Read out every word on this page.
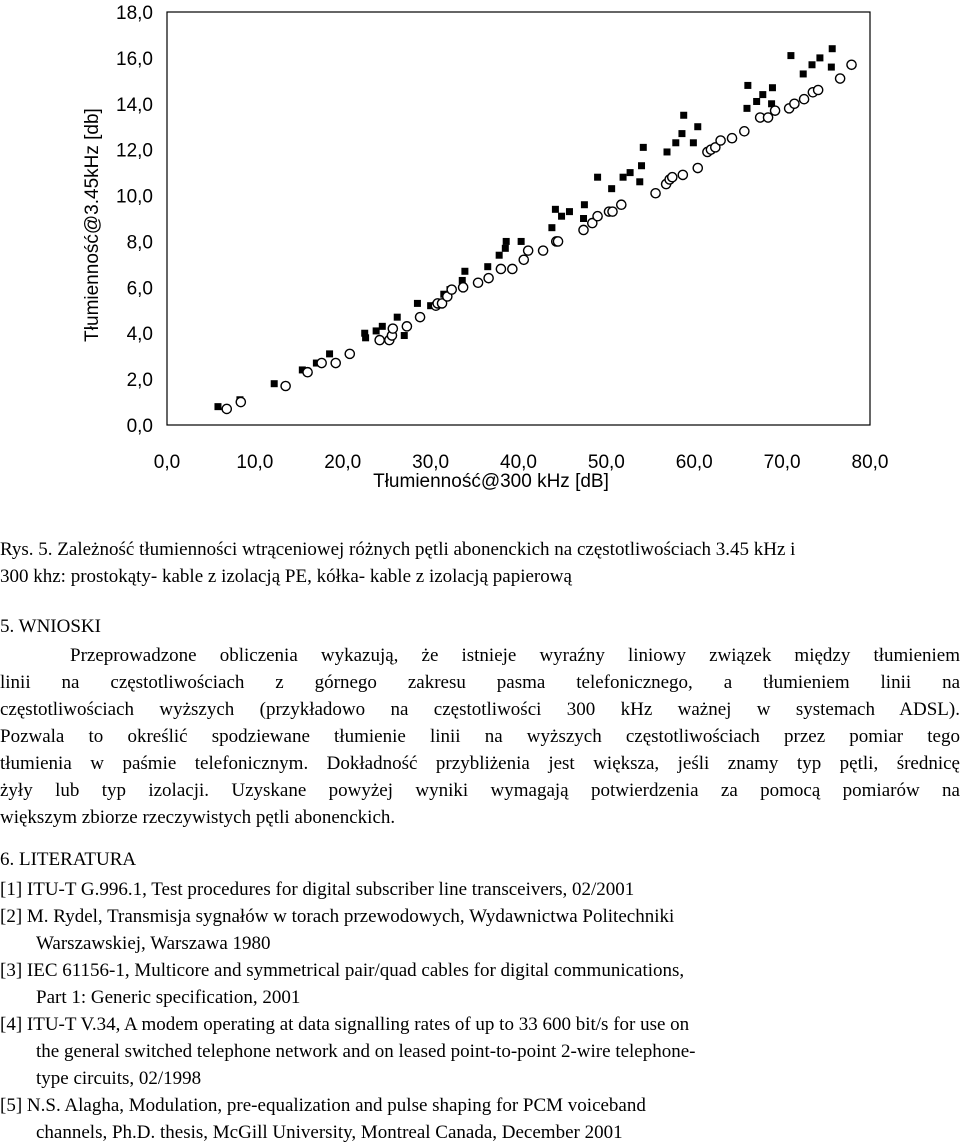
0,0
2,0
4,0
6,0
8,0
10,0
12,0
14,0
16,0
18,0
0,0	10,0	20,0	30,0	40,0	50,0	60,0	70,0	80,0
Tłumienność@300 kHz [dB]
Tłumienność@3.45kHz [db]
Rys. 5. Zależność tłumienności wtrąceniowej różnych pętli abonenckich na częstotliwościach 3.45 kHz i
300 khz: prostokąty- kable z izolacją PE, kółka- kable z izolacją papierową
5. WNIOSKI
Przeprowadzone obliczenia wykazują, że istnieje wyraźny liniowy związek między tłumieniem
linii na częstotliwościach z górnego zakresu pasma telefonicznego, a tłumieniem linii na
częstotliwościach wyższych (przykładowo na częstotliwości 300 kHz ważnej w systemach ADSL).
Pozwala to określić spodziewane tłumienie linii na wyższych częstotliwościach przez pomiar tego
tłumienia w paśmie telefonicznym. Dokładność przybliżenia jest większa, jeśli znamy typ pętli, średnicę
żyły lub typ izolacji. Uzyskane powyżej wyniki wymagają potwierdzenia za pomocą pomiarów na
większym zbiorze rzeczywistych pętli abonenckich.
6. LITERATURA
[1] ITU-T G.996.1, Test procedures for digital subscriber line transceivers, 02/2001
[2] M. Rydel, Transmisja sygnałów w torach przewodowych, Wydawnictwa Politechniki
Warszawskiej, Warszawa 1980
[3] IEC 61156-1, Multicore and symmetrical pair/quad cables for digital communications,
Part 1: Generic specification, 2001
[4] ITU-T V.34, A modem operating at data signalling rates of up to 33 600 bit/s for use on
the general switched telephone network and on leased point-to-point 2-wire telephone-
type circuits, 02/1998
[5] N.S. Alagha, Modulation, pre-equalization and pulse shaping for PCM voiceband
channels, Ph.D. thesis, McGill University, Montreal Canada, December 2001
